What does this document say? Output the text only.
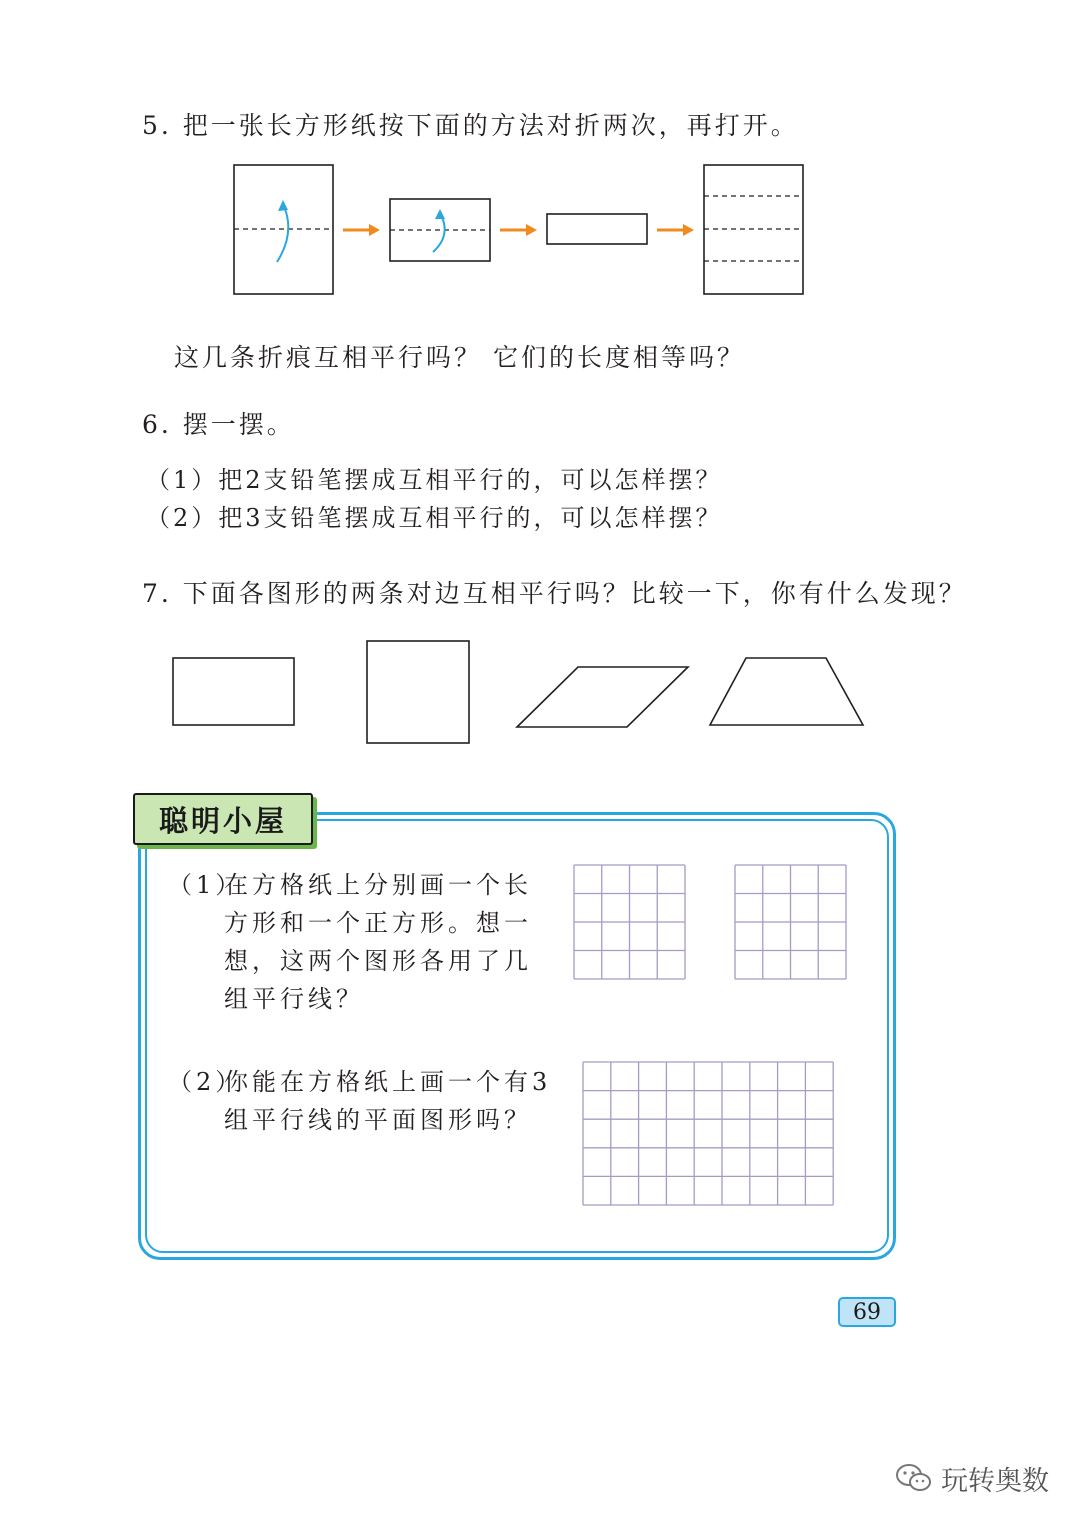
5. 把一张长方形纸按下面的方法对折两次，再打开。
这几条折痕互相平行吗？ 它们的长度相等吗？
6. 摆一摆。
（1）把2支铅笔摆成互相平行的，可以怎样摆？
（2）把3支铅笔摆成互相平行的，可以怎样摆？
7. 下面各图形的两条对边互相平行吗？比较一下，你有什么发现？
聪明小屋
（1）
在方格纸上分别画一个长
方形和一个正方形。想一
想，这两个图形各用了几
组平行线？
（2）
你能在方格纸上画一个有3
组平行线的平面图形吗？
69
玩转奥数
